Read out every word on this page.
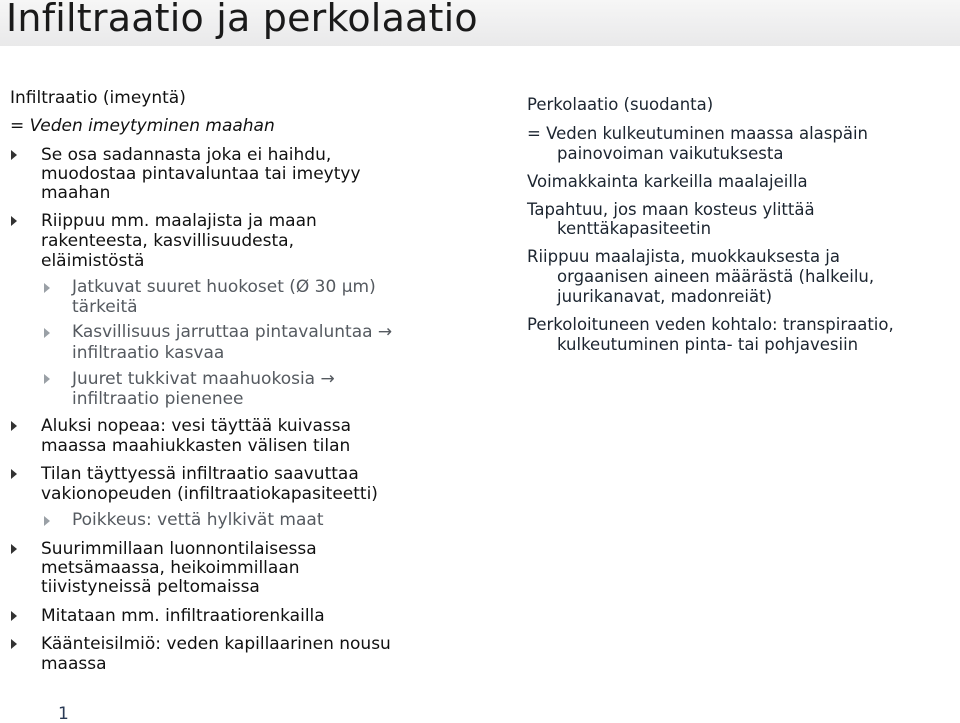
Infiltraatio ja perkolaatio
Infiltraatio (imeyntä)
= Veden imeytyminen maahan
Se osa sadannasta joka ei haihdu,
muodostaa pintavaluntaa tai imeytyy
maahan
Riippuu mm. maalajista ja maan
rakenteesta, kasvillisuudesta,
eläimistöstä
Jatkuvat suuret huokoset (Ø 30 µm)
tärkeitä
Kasvillisuus jarruttaa pintavaluntaa →
infiltraatio kasvaa
Juuret tukkivat maahuokosia →
infiltraatio pienenee
Aluksi nopeaa: vesi täyttää kuivassa
maassa maahiukkasten välisen tilan
Tilan täyttyessä infiltraatio saavuttaa
vakionopeuden (infiltraatiokapasiteetti)
Poikkeus: vettä hylkivät maat
Suurimmillaan luonnontilaisessa
metsämaassa, heikoimmillaan
tiivistyneissä peltomaissa
Mitataan mm. infiltraatiorenkailla
Käänteisilmiö: veden kapillaarinen nousu
maassa
Perkolaatio (suodanta)
= Veden kulkeutuminen maassa alaspäin
painovoiman vaikutuksesta
Voimakkainta karkeilla maalajeilla
Tapahtuu, jos maan kosteus ylittää
kenttäkapasiteetin
Riippuu maalajista, muokkauksesta ja
orgaanisen aineen määrästä (halkeilu,
juurikanavat, madonreiät)
Perkoloituneen veden kohtalo: transpiraatio,
kulkeutuminen pinta- tai pohjavesiin
1
